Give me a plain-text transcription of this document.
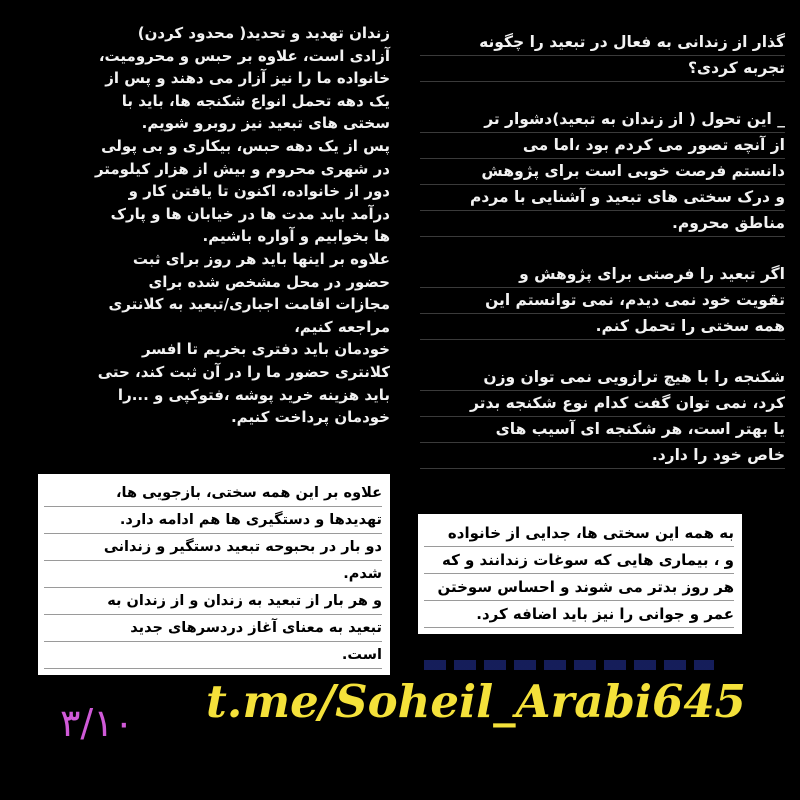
زندان تهدید و تحدید( محدود کردن)
آزادی است، علاوه بر حبس و محرومیت،
خانواده ما را نیز آزار می دهند و پس از
یک دهه تحمل انواع شکنجه ها، باید با
سختی های تبعید نیز روبرو شویم.
پس از یک دهه حبس، بیکاری و بی پولی
در شهری محروم و بیش از هزار کیلومتر
دور از خانواده، اکنون تا یافتن کار و
درآمد باید مدت ها در خیابان ها و پارک
ها بخوابیم و آواره باشیم.
علاوه بر اینها باید هر روز برای ثبت
حضور در محل مشخص شده برای
مجازات اقامت اجباری/تبعید به کلانتری
مراجعه کنیم،
خودمان باید دفتری بخریم تا افسر
کلانتری حضور ما را در آن ثبت کند، حتی
باید هزینه خرید پوشه ،فتوکپی و ...را
خودمان پرداخت کنیم.
گذار از زندانی به فعال در تبعید را چگونه
تجربه کردی؟
_ این تحول ( از زندان به تبعید)دشوار تر
از آنچه تصور می کردم بود ،اما می
دانستم فرصت خوبی است برای پژوهش
و درک سختی های تبعید و آشنایی با مردم
مناطق محروم.
اگر تبعید را فرصتی برای پژوهش و
تقویت خود نمی دیدم، نمی توانستم این
همه سختی را تحمل کنم.
شکنجه را با هیچ ترازویی نمی توان وزن
کرد، نمی توان گفت کدام نوع شکنجه بدتر
یا بهتر است، هر شکنجه ای آسیب های
خاص خود را دارد.
علاوه بر این همه سختی، بازجویی ها،
تهدیدها و دستگیری ها هم ادامه دارد.
دو بار در بحبوحه تبعید دستگیر و زندانی
شدم.
و هر بار از تبعید به زندان و از زندان به
تبعید به معنای آغاز دردسرهای جدید
است.
به همه این سختی ها، جدایی از خانواده
و ، بیماری هایی که سوغات زندانند و که
هر روز بدتر می شوند و احساس سوختن
عمر و جوانی را نیز باید اضافه کرد.
t.me/Soheil_Arabi645
۳/۱۰
